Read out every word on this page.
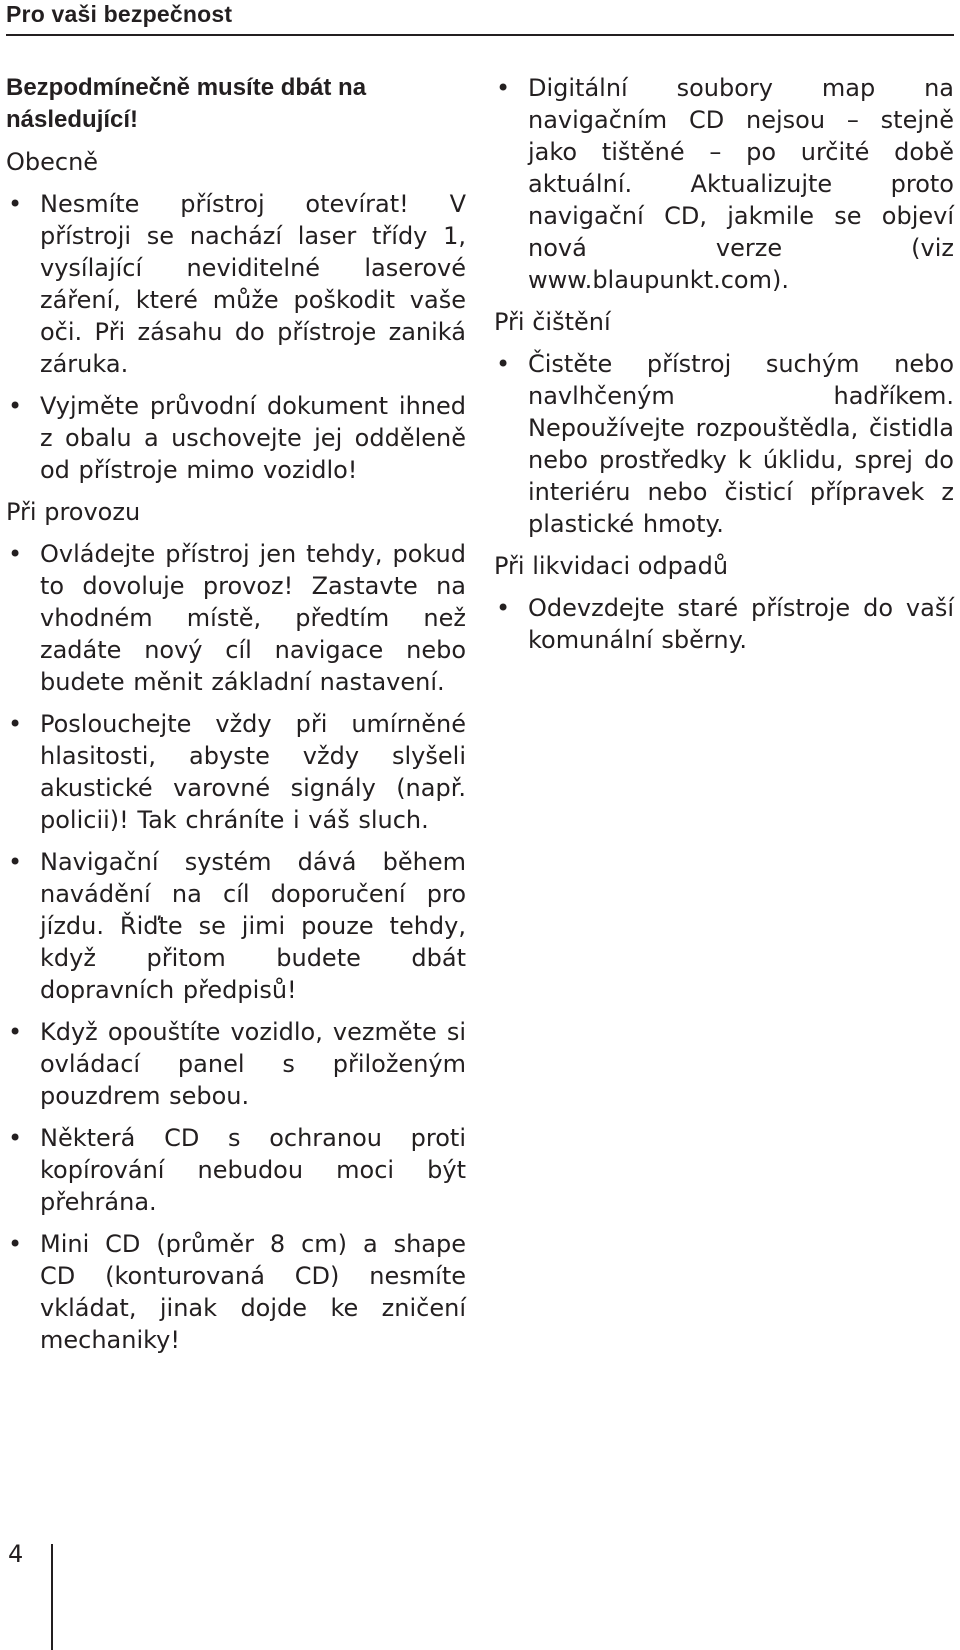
Pro vaši bezpečnost

Bezpodmínečně musíte dbát na následující!

Obecně

• Nesmíte přístroj otevírat! V přístroji se nachází laser třídy 1, vysílající neviditelné laserové záření, které může poškodit vaše oči. Při zásahu do přístroje zaniká záruka.
• Vyjměte průvodní dokument ihned z obalu a uschovejte jej odděleně od přístroje mimo vozidlo!

Při provozu

• Ovládejte přístroj jen tehdy, pokud to dovoluje provoz! Zastavte na vhodném místě, předtím než zadáte nový cíl navigace nebo budete měnit základní nastavení.
• Poslouchejte vždy při umírněné hlasitosti, abyste vždy slyšeli akustické varovné signály (např. policii)! Tak chráníte i váš sluch.
• Navigační systém dává během navádění na cíl doporučení pro jízdu. Řiďte se jimi pouze tehdy, když přitom budete dbát dopravních předpisů!
• Když opouštíte vozidlo, vezměte si ovládací panel s přiloženým pouzdrem sebou.
• Některá CD s ochranou proti kopírování nebudou moci být přehrána.
• Mini CD (průměr 8 cm) a shape CD (konturovaná CD) nesmíte vkládat, jinak dojde ke zničení mechaniky!
• Digitální soubory map na navigačním CD nejsou – stejně jako tištěné – po určité době aktuální. Aktualizujte proto navigační CD, jakmile se objeví nová verze (viz www.blaupunkt.com).

Při čištění

• Čistěte přístroj suchým nebo navlhčeným hadříkem. Nepoužívejte rozpouštědla, čistidla nebo prostředky k úklidu, sprej do interiéru nebo čisticí přípravek z plastické hmoty.

Při likvidaci odpadů

• Odevzdejte staré přístroje do vaší komunální sběrny.
4
